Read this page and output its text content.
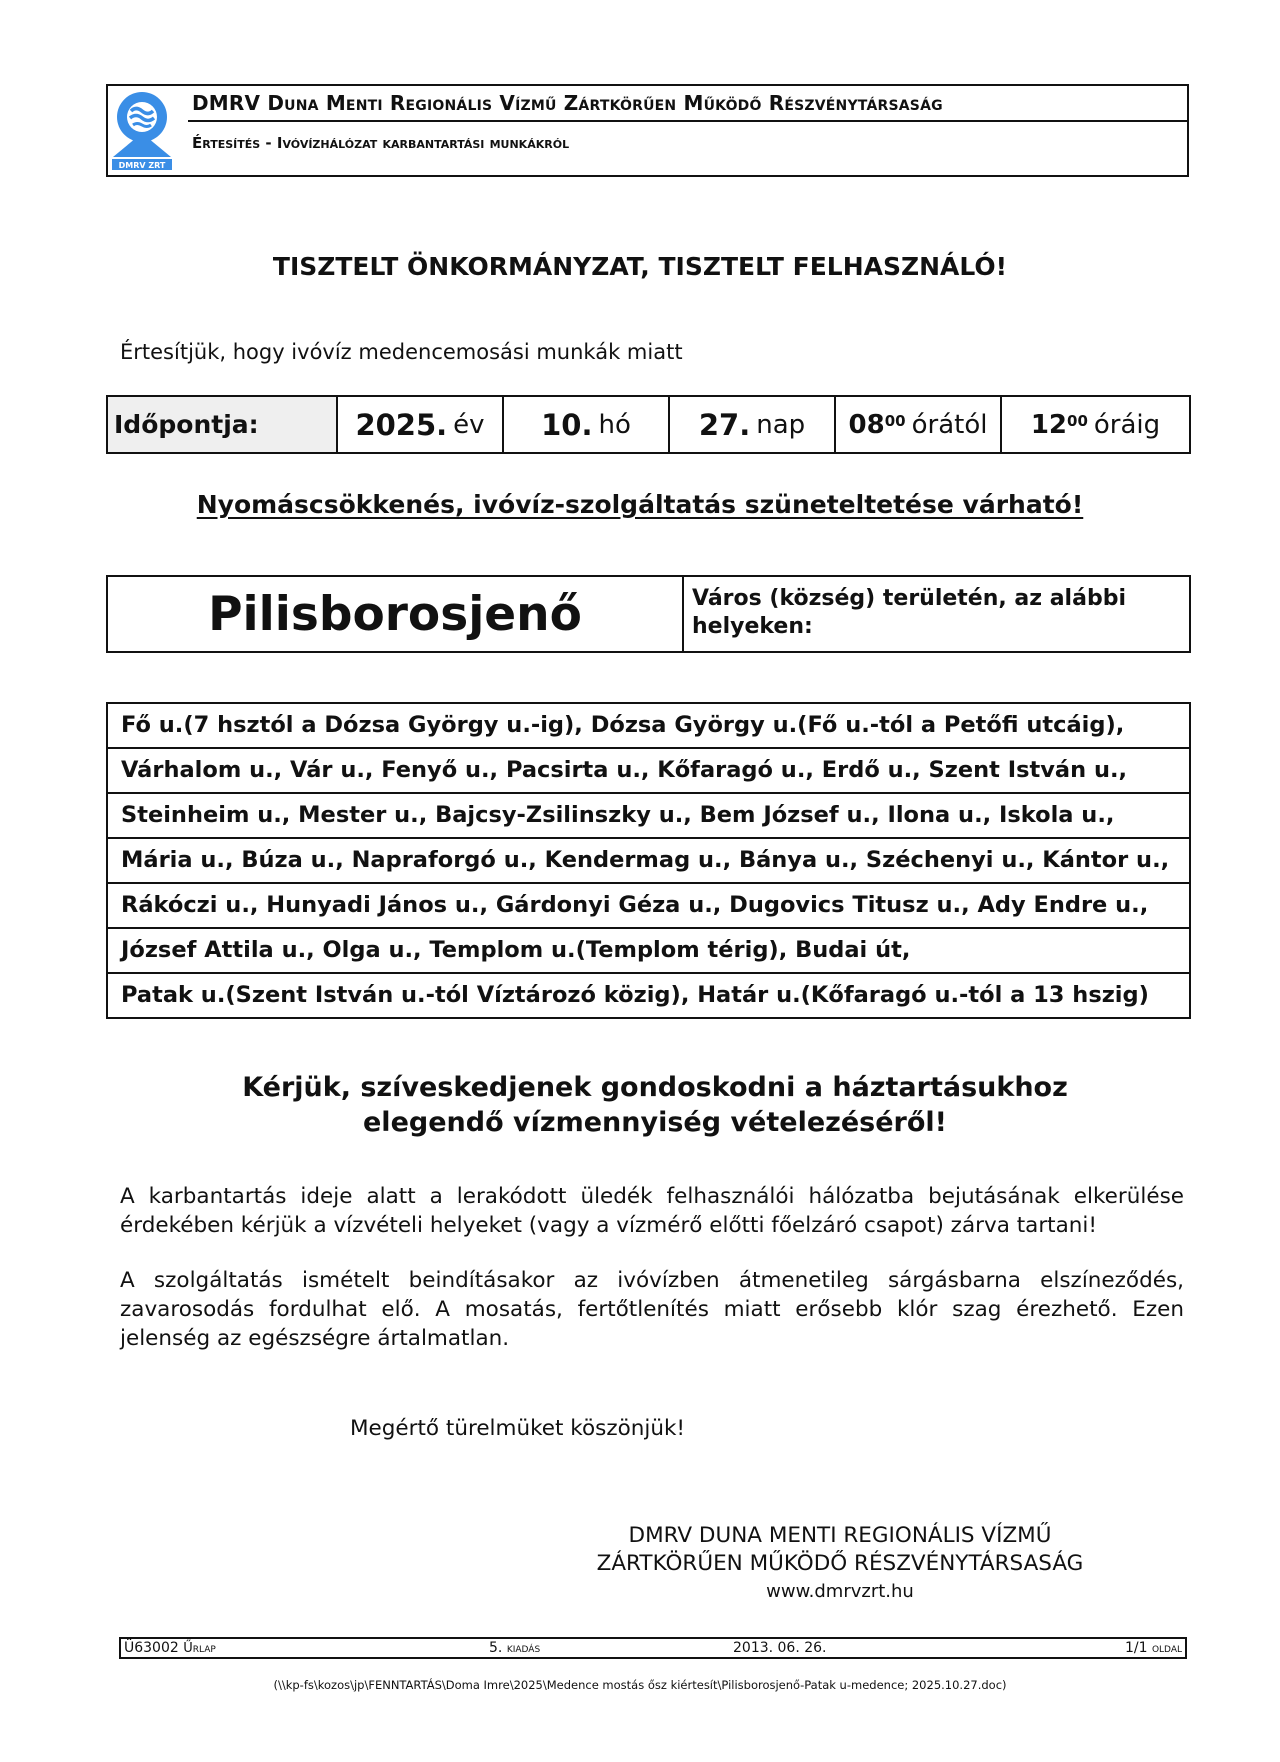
DMRV ZRT
DMRV Duna Menti Regionális Vízmű Zártkörűen Működő Részvénytársaság
Értesítés - Ivóvízhálózat karbantartási munkákról
TISZTELT ÖNKORMÁNYZAT, TISZTELT FELHASZNÁLÓ!
Értesítjük, hogy ivóvíz medencemosási munkák miatt
Időpontja:	2025. év 10. hó 27. nap $08^{00}$ órától $12^{00}$ óráig
Nyomáscsökkenés, ivóvíz-szolgáltatás szüneteltetése várható!
Pilisborosjenő	Város (község) területén, az alábbi helyeken:
Fő u.(7 hsztól a Dózsa György u.-ig), Dózsa György u.(Fő u.-tól a Petőfi utcáig),
Várhalom u., Vár u., Fenyő u., Pacsirta u., Kőfaragó u., Erdő u., Szent István u.,
Steinheim u., Mester u., Bajcsy-Zsilinszky u., Bem József u., Ilona u., Iskola u.,
Mária u., Búza u., Napraforgó u., Kendermag u., Bánya u., Széchenyi u., Kántor u.,
Rákóczi u., Hunyadi János u., Gárdonyi Géza u., Dugovics Titusz u., Ady Endre u.,
József Attila u., Olga u., Templom u.(Templom térig), Budai út,
Patak u.(Szent István u.-tól Víztározó közig), Határ u.(Kőfaragó u.-tól a 13 hszig)
Kérjük, szíveskedjenek gondoskodni a háztartásukhoz
elegendő vízmennyiség vételezéséről!
A karbantartás ideje alatt a lerakódott üledék felhasználói hálózatba bejutásának elkerülése érdekében kérjük a vízvételi helyeket (vagy a vízmérő előtti főelzáró csapot) zárva tartani!
A szolgáltatás ismételt beindításakor az ivóvízben átmenetileg sárgásbarna elszíneződés, zavarosodás fordulhat elő. A mosatás, fertőtlenítés miatt erősebb klór szag érezhető. Ezen jelenség az egészségre ártalmatlan.
Megértő türelmüket köszönjük!
DMRV DUNA MENTI REGIONÁLIS VÍZMŰ
ZÁRTKÖRŰEN MŰKÖDŐ RÉSZVÉNYTÁRSASÁG
www.dmrvzrt.hu
Ü63002 Űrlap	5. kiadás	2013. 06. 26.	1/1 oldal
(\\kp-fs\kozos\jp\FENNTARTÁS\Doma Imre\2025\Medence mostás ősz kiértesít\Pilisborosjenő-Patak u-medence; 2025.10.27.doc)
